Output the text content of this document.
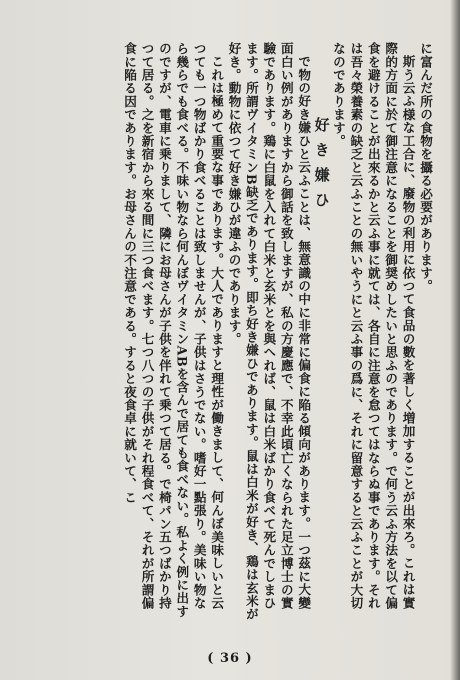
に富んだ所の食物を攝る必要があります。

斯う云ふ様な工合に、廢物の利用に依つて食品の數を著しく増加することが出來ろ。これは實際的方面に於て御注意になることを御奨めしたいと思ふのであります。で何う云ふ方法を以て偏食を避けることが出來るかと云ふ事に就ては、各自に注意を怠つてはならぬ事であります。それは吾々榮養素の缺乏と云ふことの無いやうにと云ふ事の爲に、それに留意すると云ふことが大切なのであります。

好き嫌ひ

で物の好き嫌ひと云ふことは、無意識の中に非常に偏食に陥る傾向があります。一つ茲に大變面白い例がありますから御話を致しますが、私の方慶應で、不幸此頃亡くなられた足立博士の實驗であります。鶏に白鼠を入れて白米と玄米とを與へれば、鼠は白米ばかり食べて死んでしまひます。所謂ヴイタミンB缺乏であります。即ち好き嫌ひであります。鼠は白米が好き、鶏は玄米が好き。動物に依つて好き嫌ひが違ふのであります。

これは極めて重要な事であります。大人でありますと理性が働きまして、何んぼ美味しいと云つても一つ物ばかり食べることは致しませんが、子供はさうでない。嗜好一點張り。美味い物なら幾らでも食べる。不味い物なら何んぼヴイタミンABを含んで居ても食べない。私よく例に出すのですが、電車に乗りまして、隣にお母さんが子供を伴れて乗つて居る。で椅パン五つばかり持つて居る。之を新宿から來る間に三つ食べます。七つ八つの子供がそれ程食べて、それが所謂偏食に陥る因であります。お母さんの不注意である。すると夜食卓に就いて、こ

( 36 )
